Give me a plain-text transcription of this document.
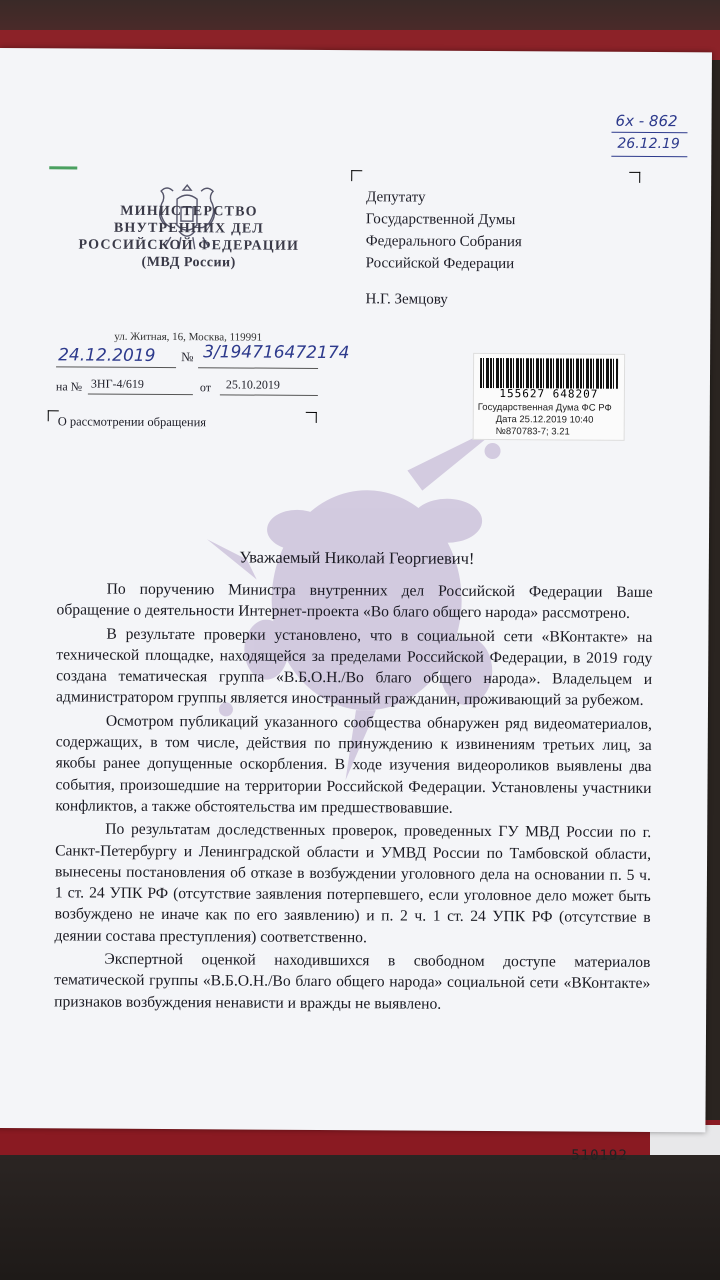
МИНИСТЕРСТВО
ВНУТРЕННИХ ДЕЛ
РОССИЙСКОЙ ФЕДЕРАЦИИ
(МВД России)
ул. Житная, 16, Москва, 119991
24.12.2019 № 3/194716472174
на № 3НГ-4/619	от 25.10.2019
О рассмотрении обращения
Депутату
Государственной Думы
Федерального Собрания
Российской Федерации
Н.Г. Земцову
6х - 862
26.12.19
155627 648207
Государственная Дума ФС РФ
Дата 25.12.2019 10:40
№870783-7; 3.21
Уважаемый Николай Георгиевич!

По поручению Министра внутренних дел Российской Федерации Ваше обращение о деятельности Интернет-проекта «Во благо общего народа» рассмотрено.

В результате проверки установлено, что в социальной сети «ВКонтакте» на технической площадке, находящейся за пределами Российской Федерации, в 2019 году создана тематическая группа «В.Б.О.Н./Во благо общего народа». Владельцем и администратором группы является иностранный гражданин, проживающий за рубежом.

Осмотром публикаций указанного сообщества обнаружен ряд видеоматериалов, содержащих, в том числе, действия по принуждению к извинениям третьих лиц, за якобы ранее допущенные оскорбления. В ходе изучения видеороликов выявлены два события, произошедшие на территории Российской Федерации. Установлены участники конфликтов, а также обстоятельства им предшествовавшие.

По результатам доследственных проверок, проведенных ГУ МВД России по г. Санкт-Петербургу и Ленинградской области и УМВД России по Тамбовской области, вынесены постановления об отказе в возбуждении уголовного дела на основании п. 5 ч. 1 ст. 24 УПК РФ (отсутствие заявления потерпевшего, если уголовное дело может быть возбуждено не иначе как по его заявлению) и п. 2 ч. 1 ст. 24 УПК РФ (отсутствие в деянии состава преступления) соответственно.

Экспертной оценкой находившихся в свободном доступе материалов тематической группы «В.Б.О.Н./Во благо общего народа» социальной сети «ВКонтакте» признаков возбуждения ненависти и вражды не выявлено.

510192
